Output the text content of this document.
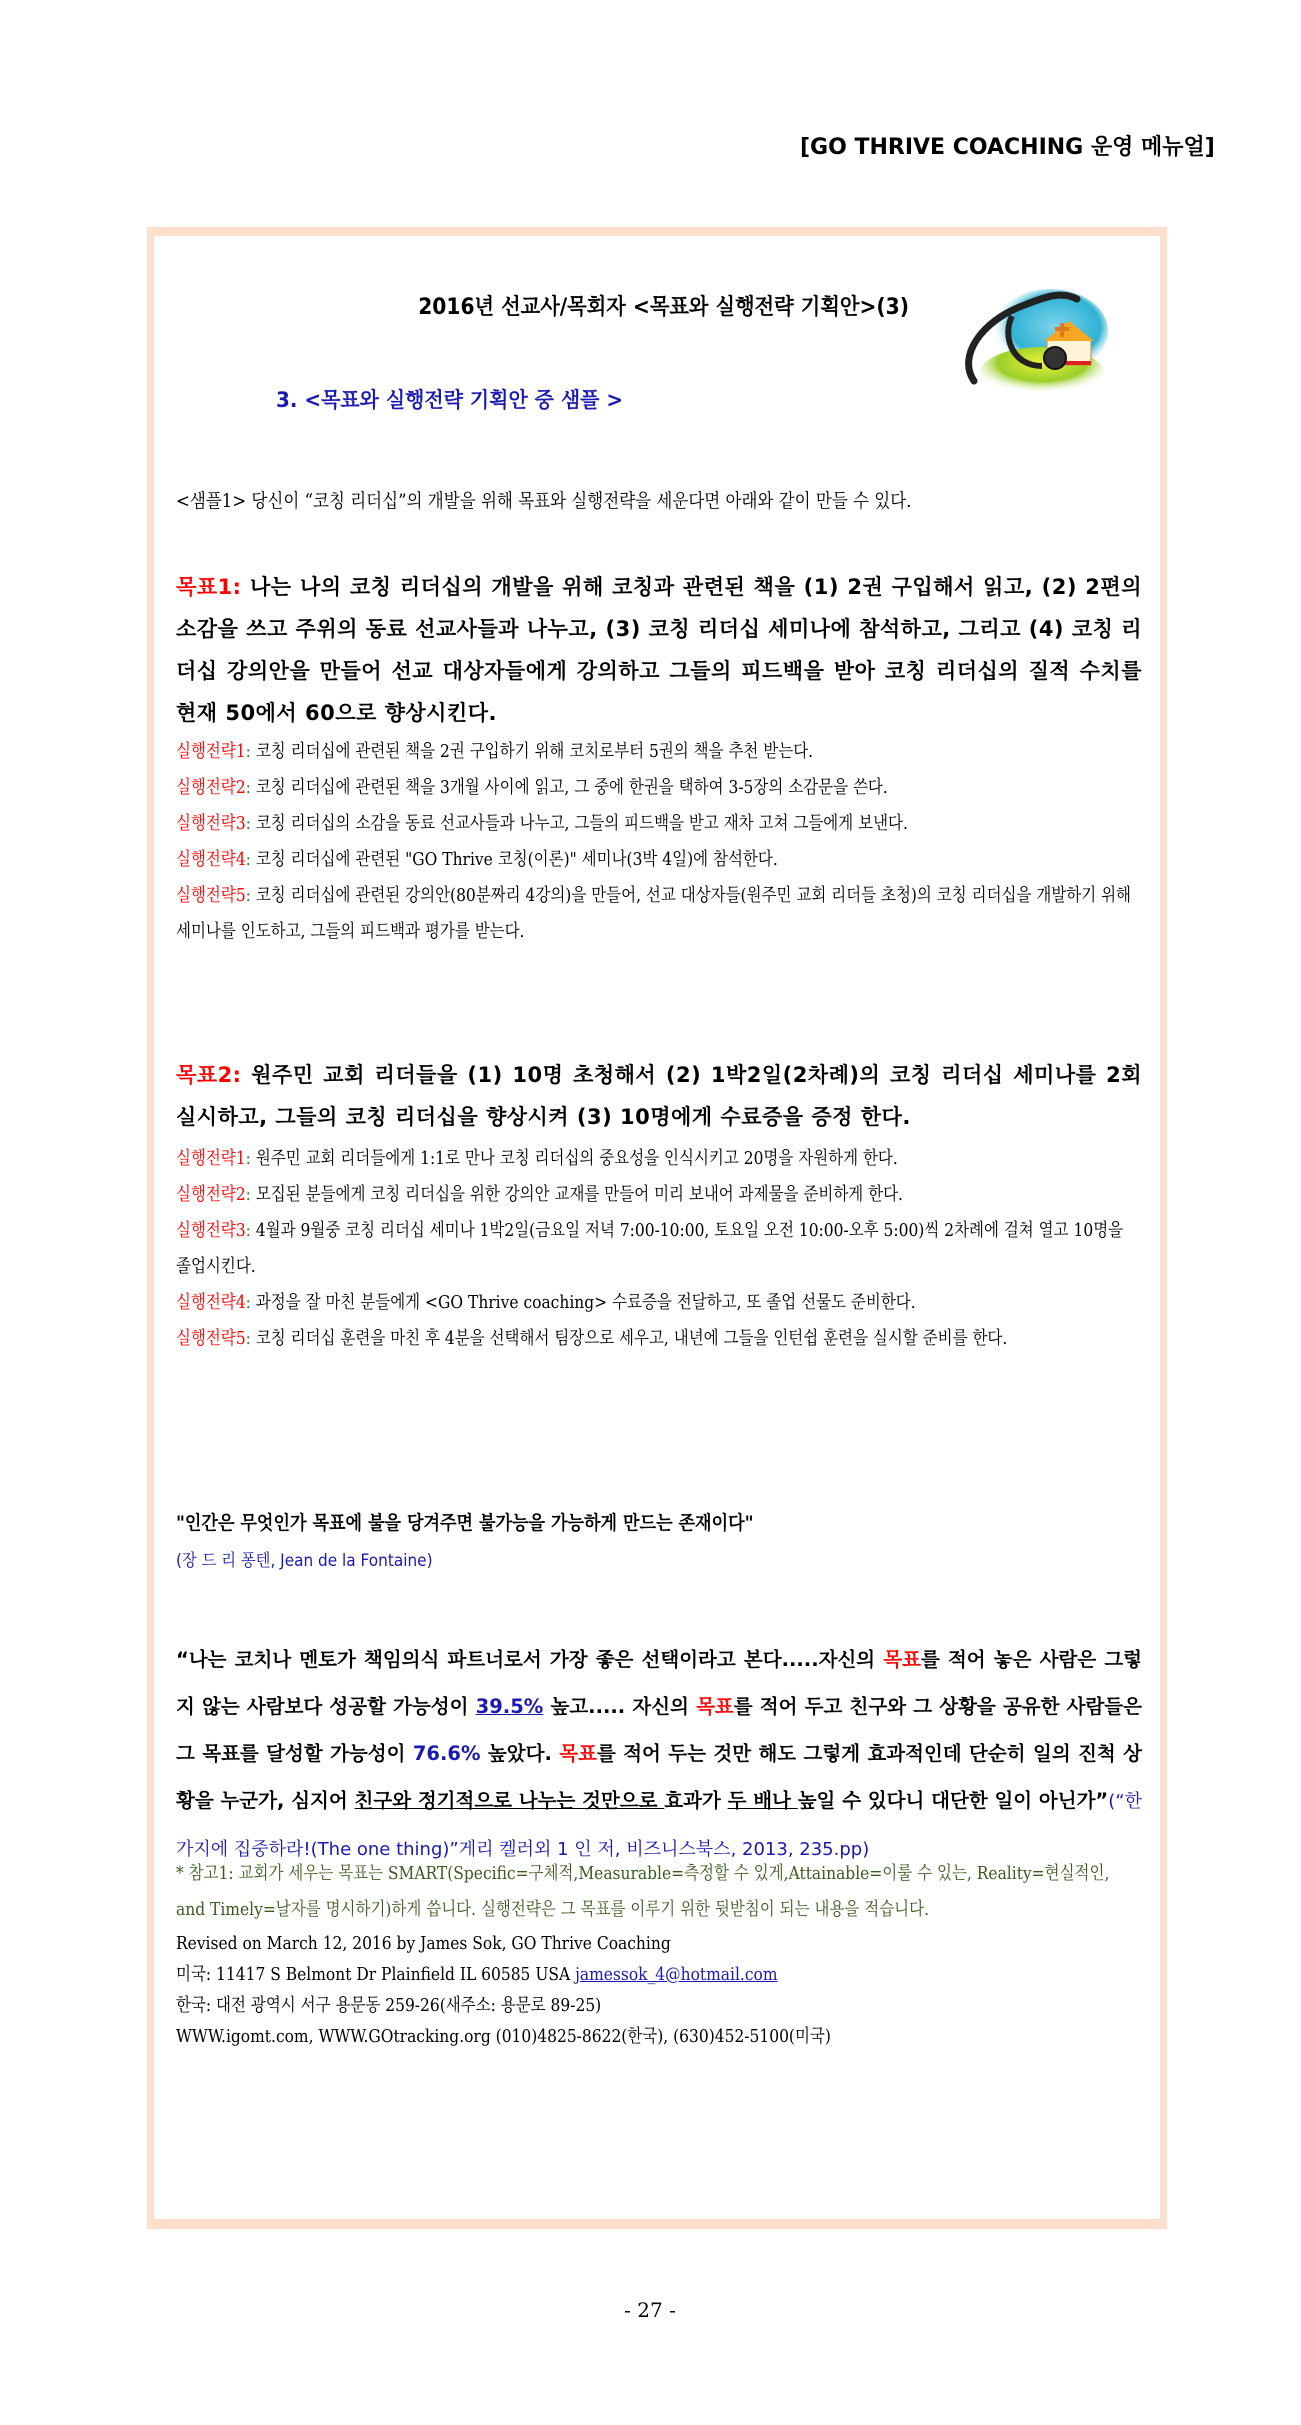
[GO THRIVE COACHING 운영 메뉴얼]
2016년 선교사/목회자 <목표와 실행전략 기획안>(3)
3. <목표와 실행전략 기획안 중 샘플 >
<샘플1> 당신이 “코칭 리더십”의 개발을 위해 목표와 실행전략을 세운다면 아래와 같이 만들 수 있다.
목표1: 나는 나의 코칭 리더십의 개발을 위해 코칭과 관련된 책을 (1) 2권 구입해서 읽고, (2) 2편의 소감을 쓰고 주위의 동료 선교사들과 나누고, (3) 코칭 리더십 세미나에 참석하고, 그리고 (4) 코칭 리더십 강의안을 만들어 선교 대상자들에게 강의하고 그들의 피드백을 받아 코칭 리더십의 질적 수치를 현재 50에서 60으로 향상시킨다.
실행전략1: 코칭 리더십에 관련된 책을 2권 구입하기 위해 코치로부터 5권의 책을 추천 받는다.
실행전략2: 코칭 리더십에 관련된 책을 3개월 사이에 읽고, 그 중에 한권을 택하여 3-5장의 소감문을 쓴다.
실행전략3: 코칭 리더십의 소감을 동료 선교사들과 나누고, 그들의 피드백을 받고 재차 고쳐 그들에게 보낸다.
실행전략4: 코칭 리더십에 관련된 "GO Thrive 코칭(이론)" 세미나(3박 4일)에 참석한다.
실행전략5: 코칭 리더십에 관련된 강의안(80분짜리 4강의)을 만들어, 선교 대상자들(원주민 교회 리더들 초청)의 코칭 리더십을 개발하기 위해 세미나를 인도하고, 그들의 피드백과 평가를 받는다.
목표2: 원주민 교회 리더들을 (1) 10명 초청해서 (2) 1박2일(2차례)의 코칭 리더십 세미나를 2회 실시하고, 그들의 코칭 리더십을 향상시켜 (3) 10명에게 수료증을 증정 한다.
실행전략1: 원주민 교회 리더들에게 1:1로 만나 코칭 리더십의 중요성을 인식시키고 20명을 자원하게 한다.
실행전략2: 모집된 분들에게 코칭 리더십을 위한 강의안 교재를 만들어 미리 보내어 과제물을 준비하게 한다.
실행전략3: 4월과 9월중 코칭 리더십 세미나 1박2일(금요일 저녁 7:00-10:00, 토요일 오전 10:00-오후 5:00)씩 2차례에 걸쳐 열고 10명을 졸업시킨다.
실행전략4: 과정을 잘 마친 분들에게 <GO Thrive coaching> 수료증을 전달하고, 또 졸업 선물도 준비한다.
실행전략5: 코칭 리더십 훈련을 마친 후 4분을 선택해서 팀장으로 세우고, 내년에 그들을 인턴쉽 훈련을 실시할 준비를 한다.
"인간은 무엇인가 목표에 불을 당겨주면 불가능을 가능하게 만드는 존재이다"
(장 드 리 퐁텐, Jean de la Fontaine)
“나는 코치나 멘토가 책임의식 파트너로서 가장 좋은 선택이라고 본다.....자신의 목표를 적어 놓은 사람은 그렇지 않는 사람보다 성공할 가능성이 39.5% 높고..... 자신의 목표를 적어 두고 친구와 그 상황을 공유한 사람들은 그 목표를 달성할 가능성이 76.6% 높았다. 목표를 적어 두는 것만 해도 그렇게 효과적인데 단순히 일의 진척 상황을 누군가, 심지어 친구와 정기적으로 나누는 것만으로 효과가 두 배나 높일 수 있다니 대단한 일이 아닌가”(“한 가지에 집중하라!(The one thing)”게리 켈러외 1 인 저, 비즈니스북스, 2013, 235.pp)
* 참고1: 교회가 세우는 목표는 SMART(Specific=구체적,Measurable=측정할 수 있게,Attainable=이룰 수 있는, Reality=현실적인, and Timely=날자를 명시하기)하게 씁니다. 실행전략은 그 목표를 이루기 위한 뒷받침이 되는 내용을 적습니다.
Revised on March 12, 2016 by James Sok, GO Thrive Coaching
미국: 11417 S Belmont Dr Plainfield IL 60585 USA jamessok_4@hotmail.com
한국: 대전 광역시 서구 용문동 259-26(새주소: 용문로 89-25)
WWW.igomt.com, WWW.GOtracking.org (010)4825-8622(한국), (630)452-5100(미국)
- 27 -
